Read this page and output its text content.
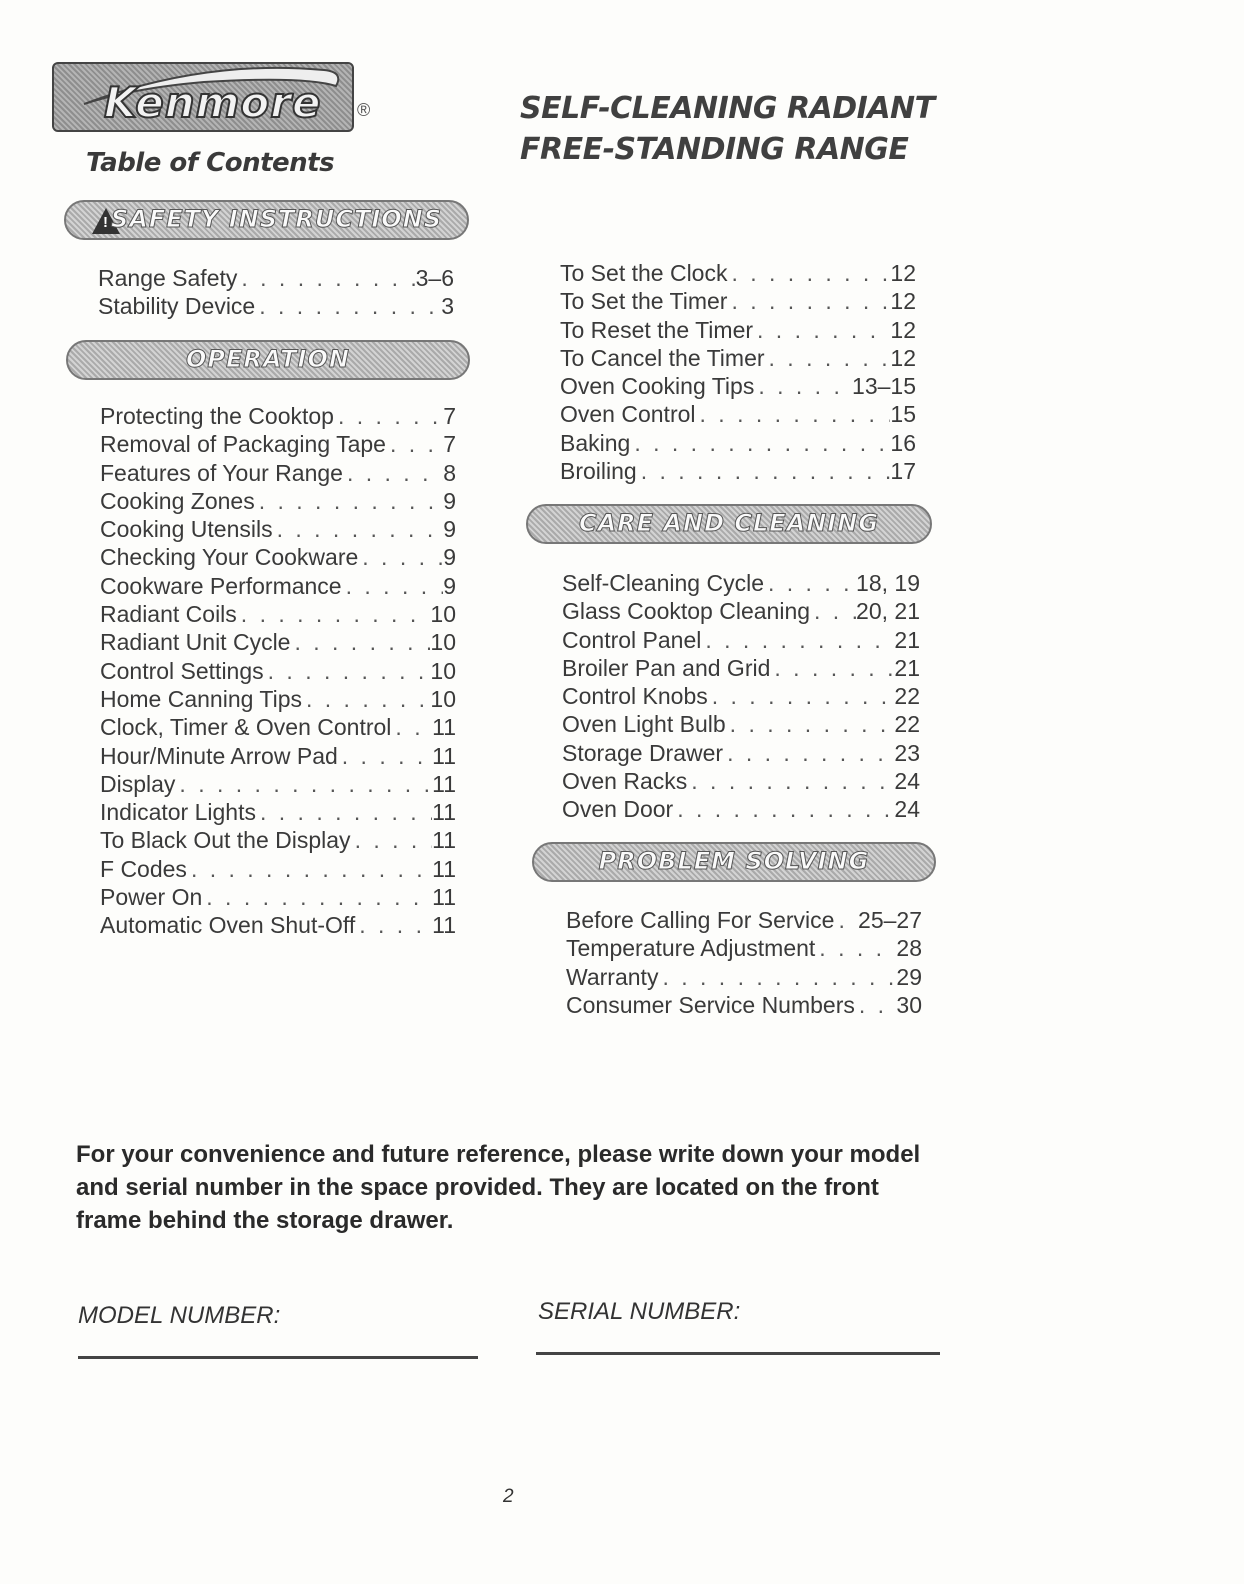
Kenmore ®
Table of Contents
SELF-CLEANING RADIANT
FREE-STANDING RANGE
! SAFETY INSTRUCTIONS
Range Safety . . .	3–6
Stability Device . . .	3
OPERATION
Protecting the Cooktop . . .	7
Removal of Packaging Tape . . . 7
Features of Your Range . . .	8
Cooking Zones . . .	9
Cooking Utensils . . .	9
Checking Your Cookware . . .	9
Cookware Performance . . .	9
Radiant Coils . . .	10
Radiant Unit Cycle . . .	10
Control Settings . . .	10
Home Canning Tips . . .	10
Clock, Timer & Oven Control . . . 11
Hour/Minute Arrow Pad . . .	11
Display . . .	11
Indicator Lights . . .	11
To Black Out the Display . . .	11
F Codes . . .	11
Power On . . .	11
Automatic Oven Shut-Off . . .	11
To Set the Clock . . .	12
To Set the Timer . . .	12
To Reset the Timer . . .	12
To Cancel the Timer . . .	12
Oven Cooking Tips . . .	13–15
Oven Control . . .	15
Baking . . .	16
Broiling . . .	17
CARE AND CLEANING
Self-Cleaning Cycle . . .	18, 19
Glass Cooktop Cleaning . . . 20, 21
Control Panel . . .	21
Broiler Pan and Grid . . .	21
Control Knobs . . .	22
Oven Light Bulb . . .	22
Storage Drawer . . .	23
Oven Racks . . .	24
Oven Door . . .	24
PROBLEM SOLVING
Before Calling For Service . . . 25–27
Temperature Adjustment . . .	28
Warranty . . .	29
Consumer Service Numbers . . . 30
For your convenience and future reference, please write down your model and serial number in the space provided. They are located on the front frame behind the storage drawer.
MODEL NUMBER:	SERIAL NUMBER:
2
